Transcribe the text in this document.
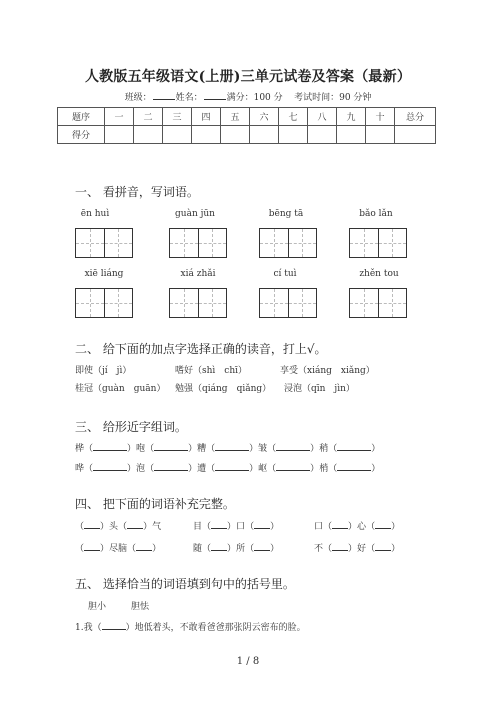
人教版五年级语文(上册)三单元试卷及答案（最新）
班级：	姓名：	满分：100 分 考试时间：90 分钟
题序	一	二	三	四	五	六	七	八	九	十	总分
得分											
一、 看拼音，写词语。
ēn huì	guàn jūn	bēng tā	bǎo lǎn
xiē liáng	xiá zhǎi	cí tuì	zhěn tou
二、 给下面的加点字选择正确的读音，打上√。
即使（jí　jì）	嗜好（shì　chī）	享受（xiáng　xiǎng）
桂冠（guàn　guān） 勉强（qiáng　qiǎng） 浸泡（qīn　jìn）
三、 给形近字组词。
桦（	）咆（	）糟（	）皱（	）稍（	）
哗（	）泡（	）遭（	）岖（	）梢（	）
四、 把下面的词语补充完整。
（ ）头（ ）气	目（ ）口（ ）	口（ ）心（ ）
（ ）尽脑（ ）	随（ ）所（ ）	不（ ）好（ ）
五、 选择恰当的词语填到句中的括号里。
胆小	胆怯
1.我（	）地低着头，不敢看爸爸那张阴云密布的脸。
1 / 8
